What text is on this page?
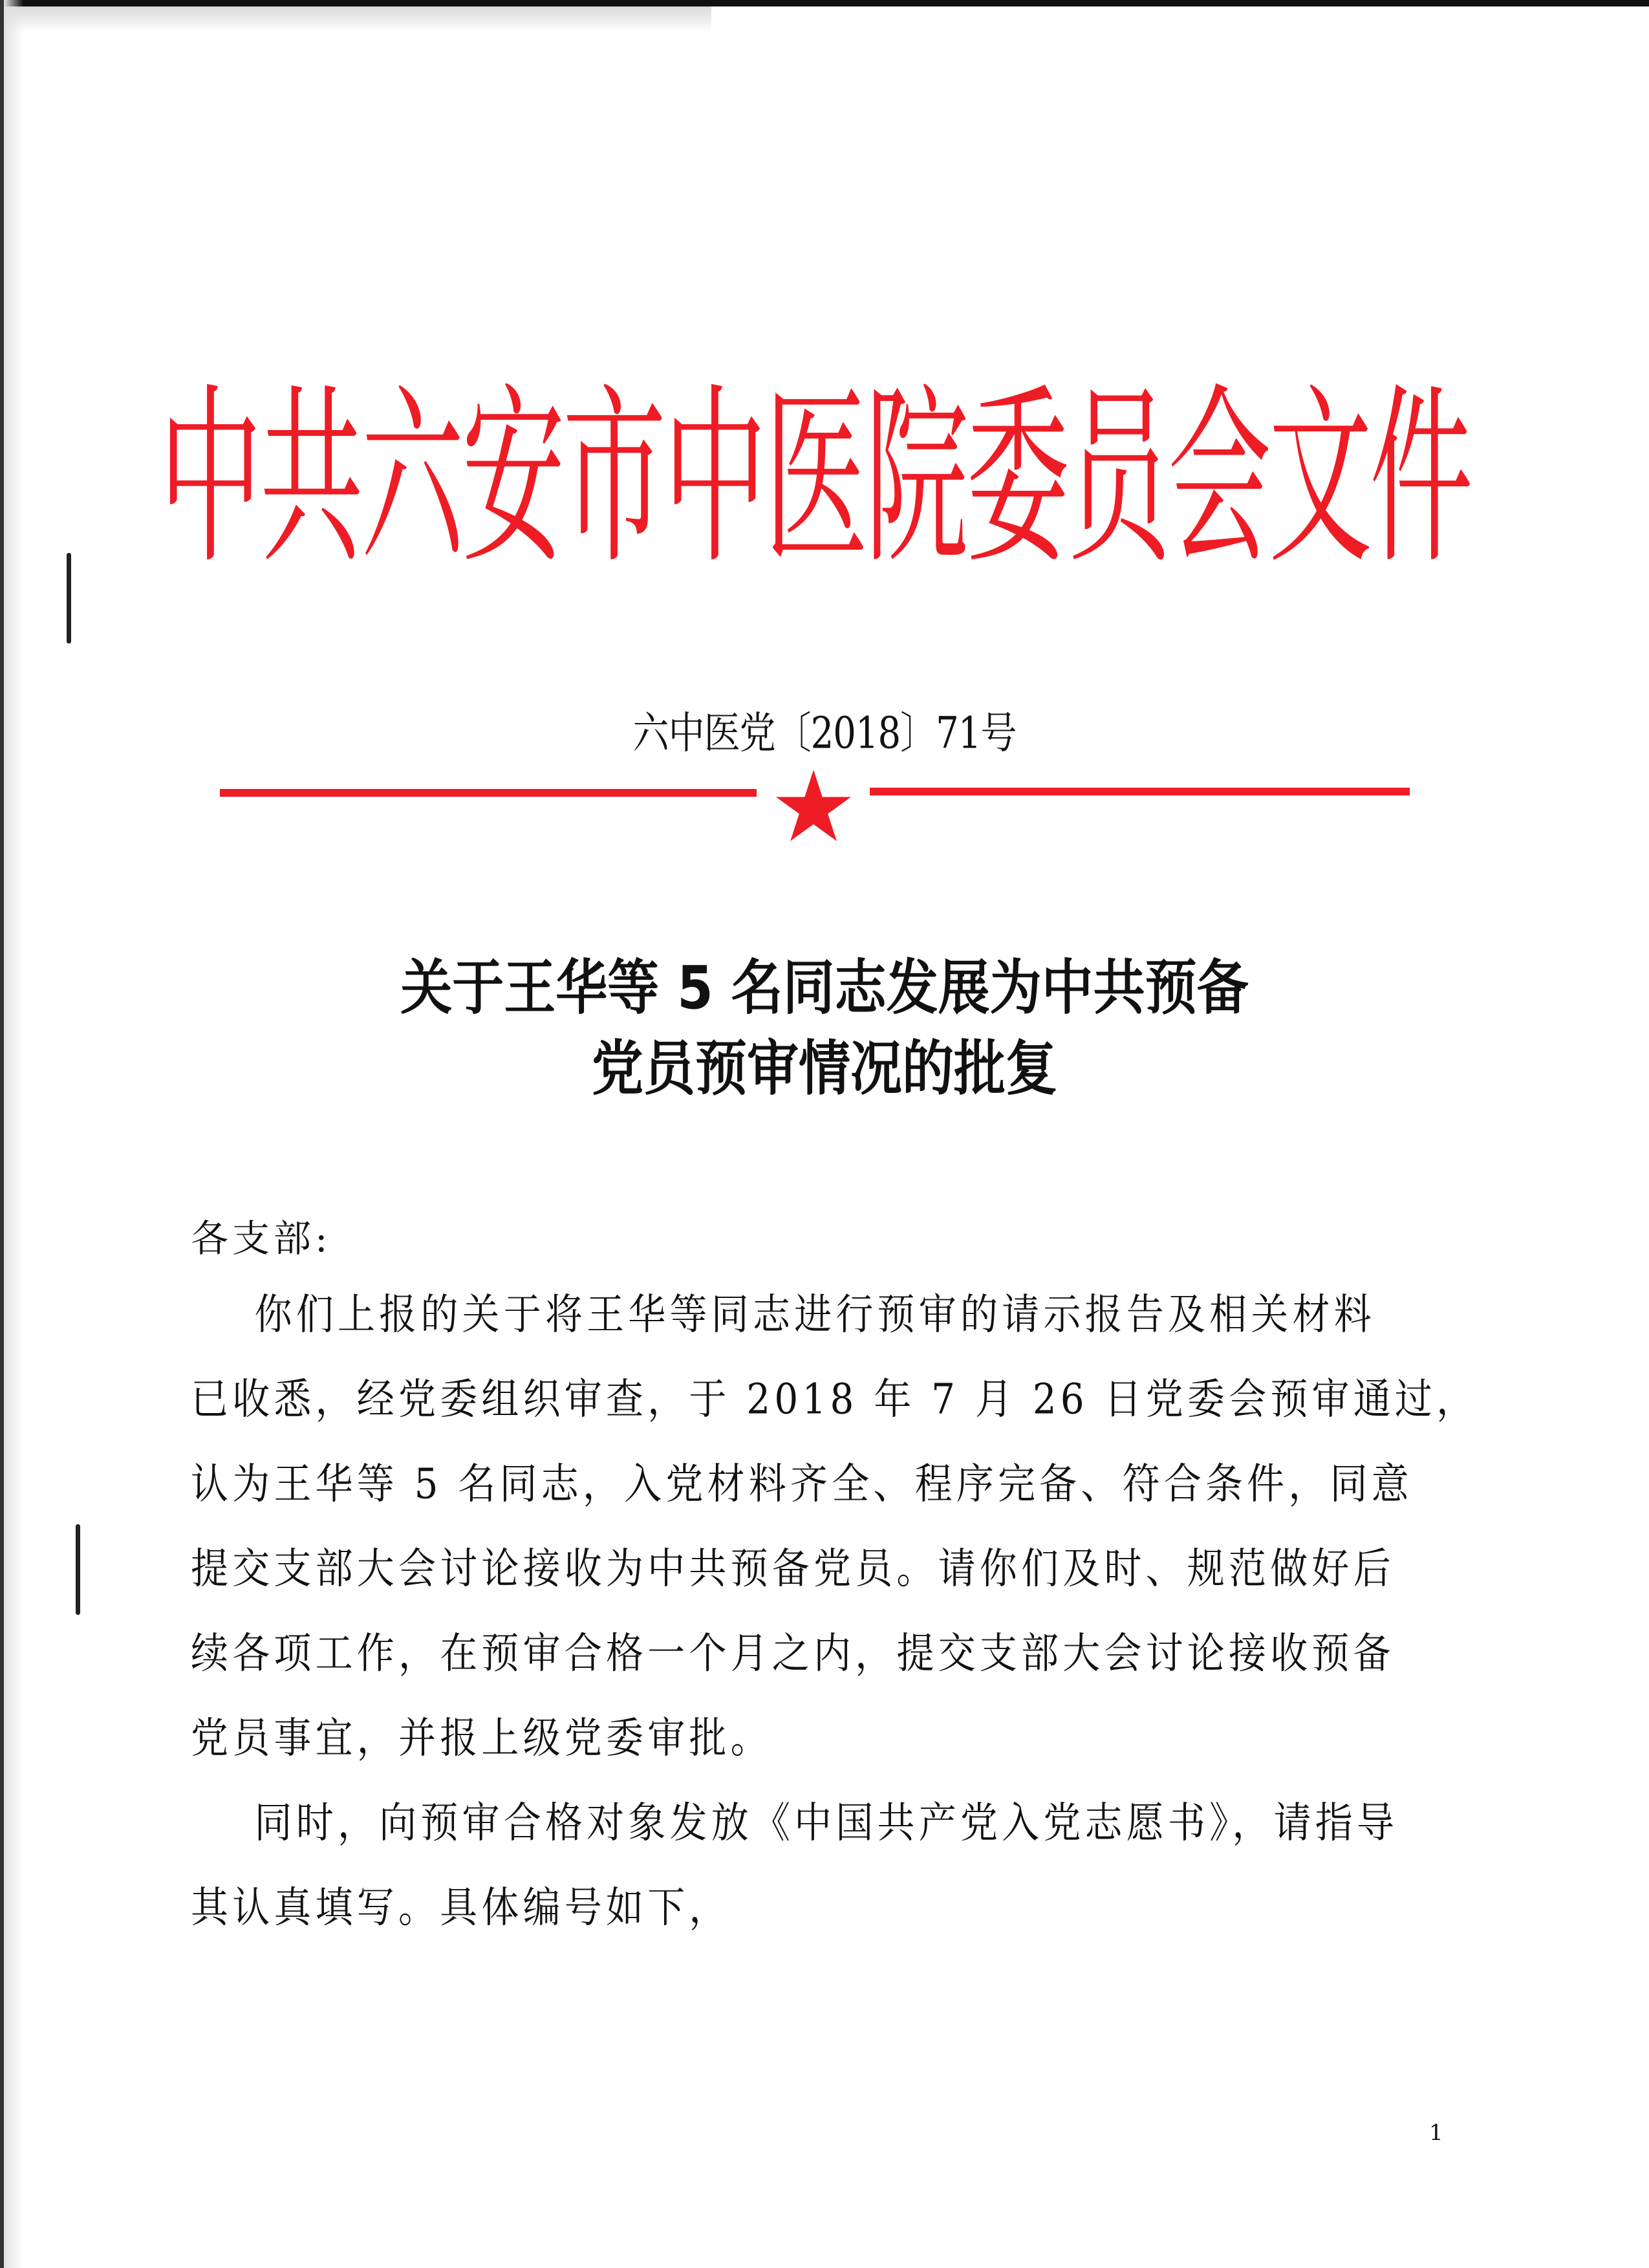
中共六安市中医院委员会文件
六中医党〔2018〕71号
关于王华等 5 名同志发展为中共预备
党员预审情况的批复
各支部:
你们上报的关于将王华等同志进行预审的请示报告及相关材料
已收悉，经党委组织审查，于 2018 年 7 月 26 日党委会预审通过，
认为王华等 5 名同志，入党材料齐全、程序完备、符合条件，同意
提交支部大会讨论接收为中共预备党员。请你们及时、规范做好后
续各项工作，在预审合格一个月之内，提交支部大会讨论接收预备
党员事宜，并报上级党委审批。
同时，向预审合格对象发放《中国共产党入党志愿书》，请指导
其认真填写。具体编号如下，
1
